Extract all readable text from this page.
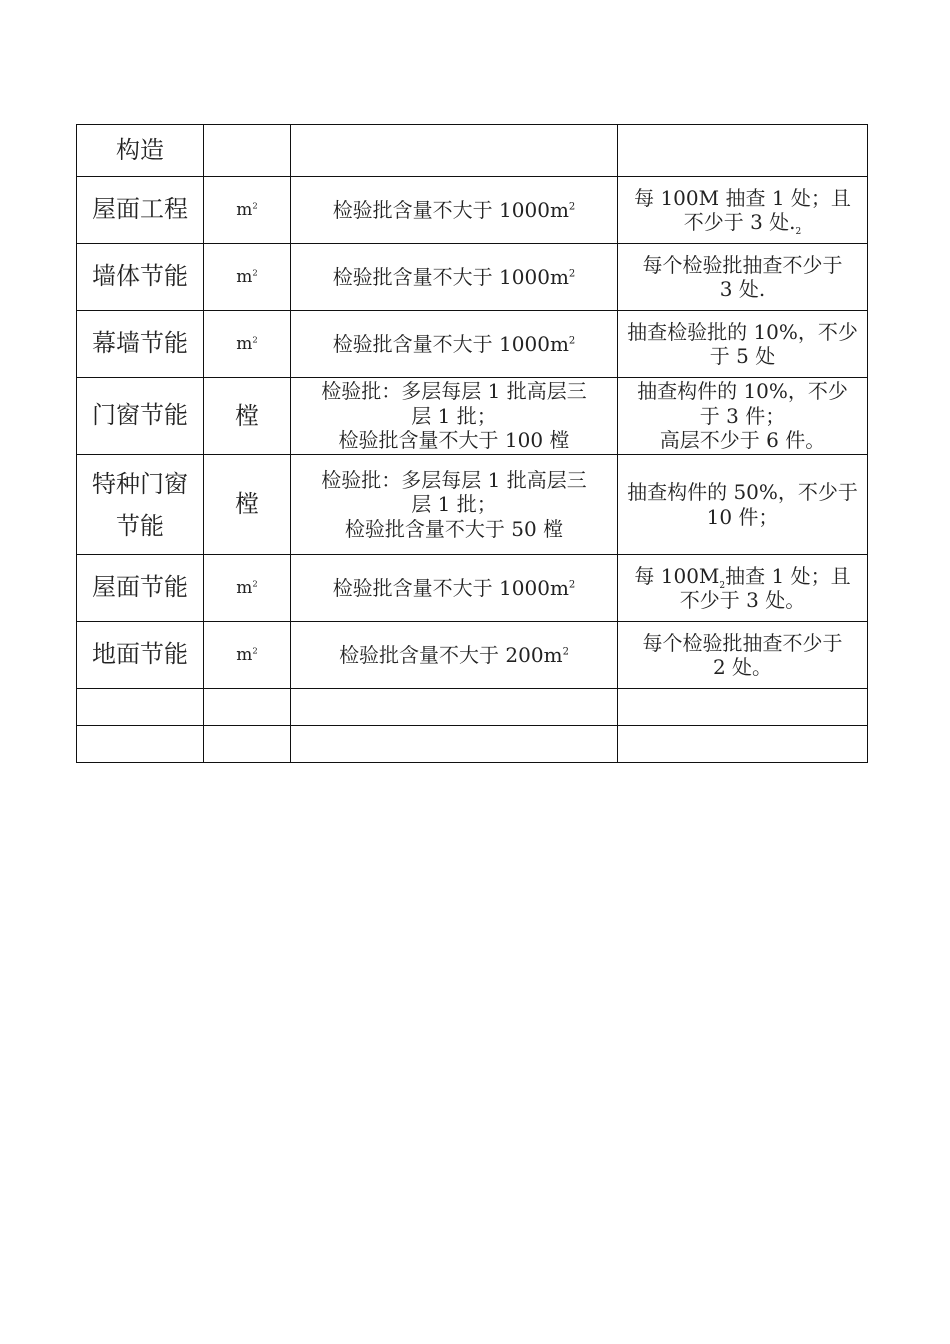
构造			
屋面工程	$m^2$	检验批含量不大于 $1000m^2$	每 100M 抽查 1 处；且
不少于 3 处$._2$

墙体节能	$m^2$	检验批含量不大于 $1000m^2$	每个检验批抽查不少于
3 处.

幕墙节能	$m^2$	检验批含量不大于 $1000m^2$	抽查检验批的 10%，不少
于 5 处

门窗节能	樘	检验批：多层每层 1 批高层三
层 1 批；
检验批含量不大于 100 樘	抽查构件的 10%，不少
于 3 件；
高层不少于 6 件。

特种门窗
节能	樘	检验批：多层每层 1 批高层三
层 1 批；
检验批含量不大于 50 樘	抽查构件的 50%，不少于
10 件；

屋面节能	$m^2$	检验批含量不大于 $1000m^2$	每 $100M_2$抽查 1 处；且
不少于 3 处。

地面节能	$m^2$	检验批含量不大于 $200m^2$	每个检验批抽查不少于
2 处。
